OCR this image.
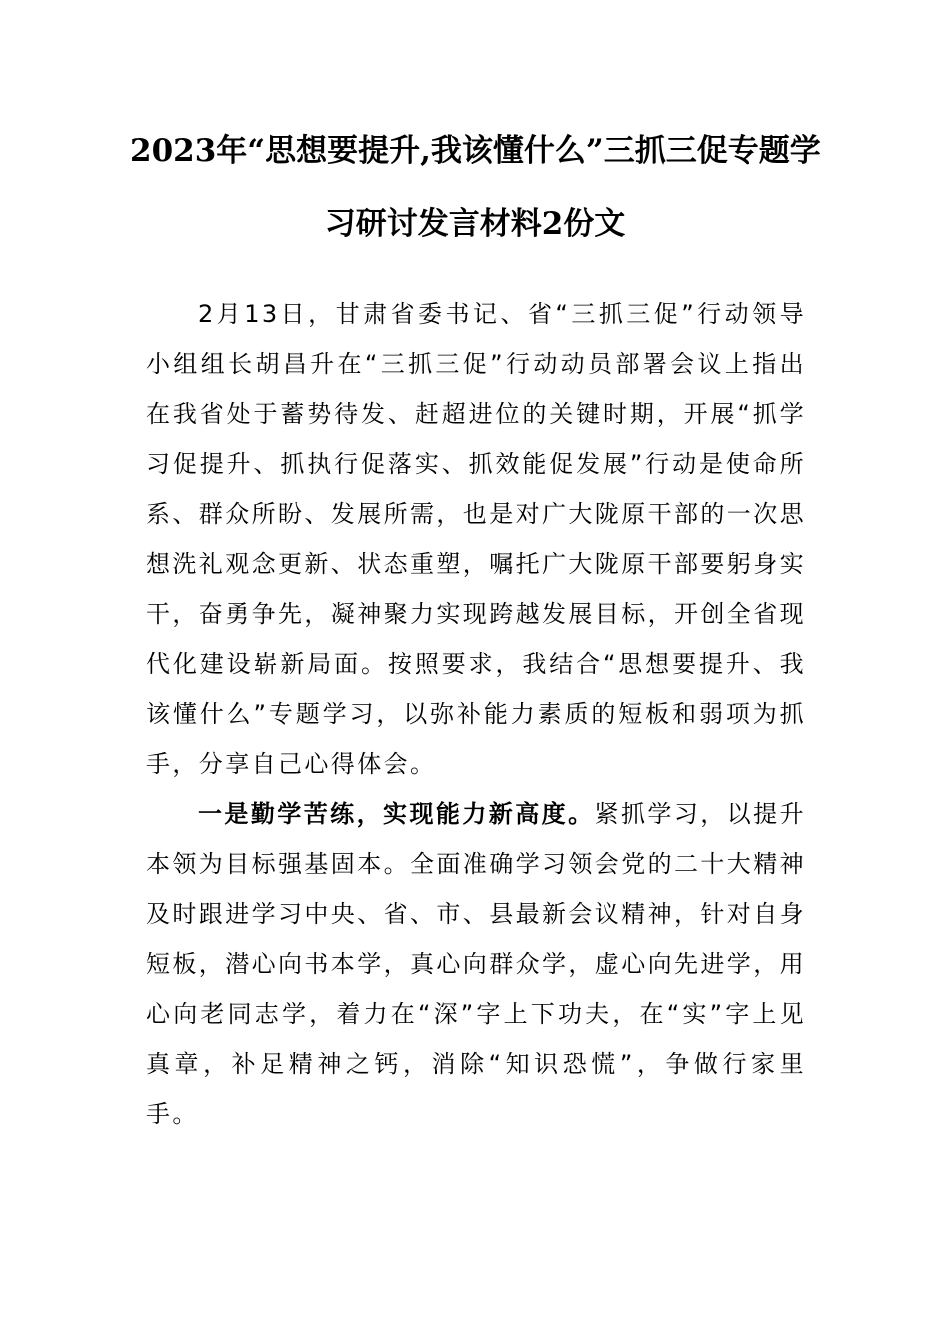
2023年“思想要提升,我该懂什么”三抓三促专题学
习研讨发言材料2份文

2月13日，甘肃省委书记、省“三抓三促”行动领导小组组长胡昌升在“三抓三促”行动动员部署会议上指出在我省处于蓄势待发、赶超进位的关键时期，开展“抓学习促提升、抓执行促落实、抓效能促发展”行动是使命所系、群众所盼、发展所需，也是对广大陇原干部的一次思想洗礼观念更新、状态重塑，嘱托广大陇原干部要躬身实干，奋勇争先，凝神聚力实现跨越发展目标，开创全省现代化建设崭新局面。按照要求，我结合“思想要提升、我该懂什么”专题学习，以弥补能力素质的短板和弱项为抓手，分享自己心得体会。

一是勤学苦练，实现能力新高度。紧抓学习，以提升本领为目标强基固本。全面准确学习领会党的二十大精神及时跟进学习中央、省、市、县最新会议精神，针对自身短板，潜心向书本学，真心向群众学，虚心向先进学，用心向老同志学，着力在“深”字上下功夫，在“实”字上见真章，补足精神之钙，消除“知识恐慌”，争做行家里手。
